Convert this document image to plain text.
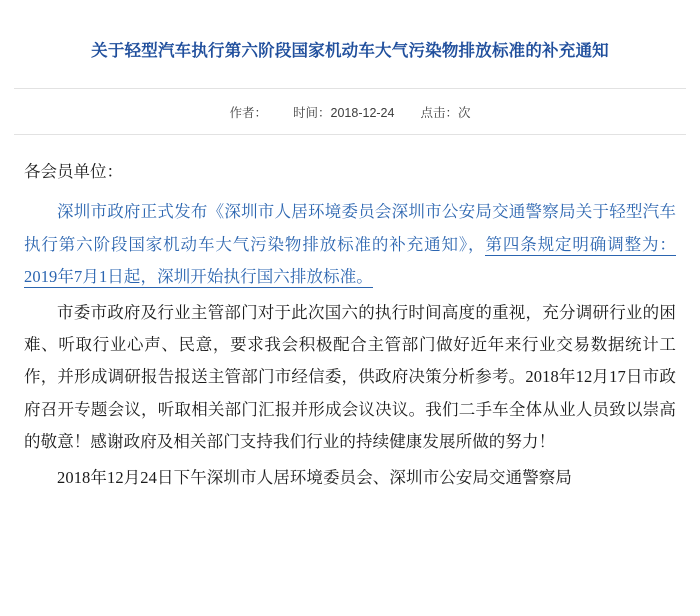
关于轻型汽车执行第六阶段国家机动车大气污染物排放标准的补充通知
作者： 时间：2018-12-24 点击：次

各会员单位：

深圳市政府正式发布《深圳市人居环境委员会深圳市公安局交通警察局关于轻型汽车执行第六阶段国家机动车大气污染物排放标准的补充通知》，第四条规定明确调整为：2019年7月1日起，深圳开始执行国六排放标准。

市委市政府及行业主管部门对于此次国六的执行时间高度的重视，充分调研行业的困难、听取行业心声、民意，要求我会积极配合主管部门做好近年来行业交易数据统计工作，并形成调研报告报送主管部门市经信委，供政府决策分析参考。2018年12月17日市政府召开专题会议，听取相关部门汇报并形成会议决议。我们二手车全体从业人员致以崇高的敬意！感谢政府及相关部门支持我们行业的持续健康发展所做的努力！

2018年12月24日下午深圳市人居环境委员会、深圳市公安局交通警察局
